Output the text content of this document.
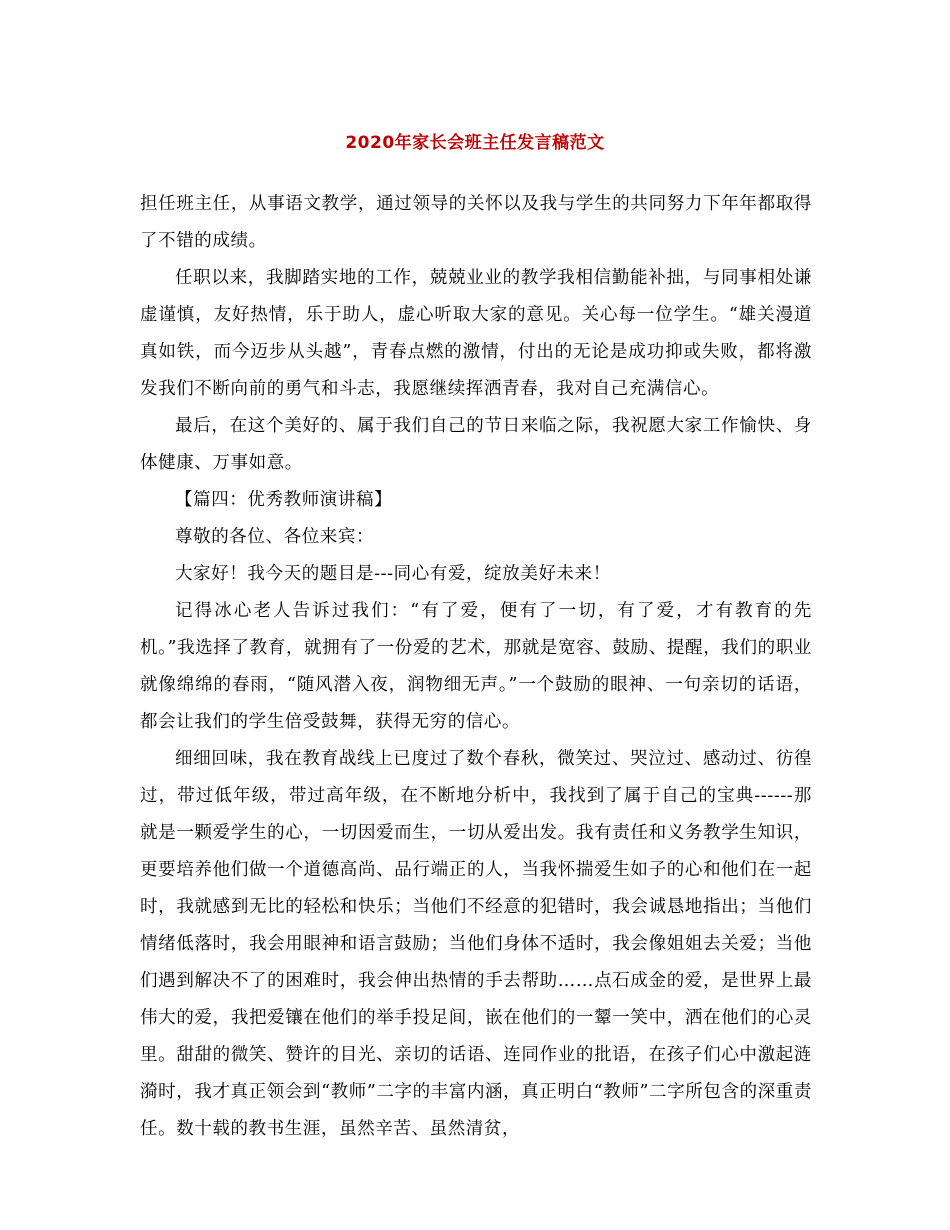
2020年家长会班主任发言稿范文

担任班主任，从事语文教学，通过领导的关怀以及我与学生的共同努力下年年都取得了不错的成绩。

任职以来，我脚踏实地的工作，兢兢业业的教学我相信勤能补拙，与同事相处谦虚谨慎，友好热情，乐于助人，虚心听取大家的意见。关心每一位学生。“雄关漫道真如铁，而今迈步从头越”，青春点燃的激情，付出的无论是成功抑或失败，都将激发我们不断向前的勇气和斗志，我愿继续挥洒青春，我对自己充满信心。

最后，在这个美好的、属于我们自己的节日来临之际，我祝愿大家工作愉快、身体健康、万事如意。

【篇四：优秀教师演讲稿】

尊敬的各位、各位来宾：

大家好！我今天的题目是---同心有爱，绽放美好未来！

记得冰心老人告诉过我们：“有了爱，便有了一切，有了爱，才有教育的先机。”我选择了教育，就拥有了一份爱的艺术，那就是宽容、鼓励、提醒，我们的职业就像绵绵的春雨，“随风潜入夜，润物细无声。”一个鼓励的眼神、一句亲切的话语，都会让我们的学生倍受鼓舞，获得无穷的信心。

细细回味，我在教育战线上已度过了数个春秋，微笑过、哭泣过、感动过、彷徨过，带过低年级，带过高年级，在不断地分析中，我找到了属于自己的宝典------那就是一颗爱学生的心，一切因爱而生，一切从爱出发。我有责任和义务教学生知识，更要培养他们做一个道德高尚、品行端正的人，当我怀揣爱生如子的心和他们在一起时，我就感到无比的轻松和快乐；当他们不经意的犯错时，我会诚恳地指出；当他们情绪低落时，我会用眼神和语言鼓励；当他们身体不适时，我会像姐姐去关爱；当他们遇到解决不了的困难时，我会伸出热情的手去帮助……点石成金的爱，是世界上最伟大的爱，我把爱镶在他们的举手投足间，嵌在他们的一颦一笑中，洒在他们的心灵里。甜甜的微笑、赞许的目光、亲切的话语、连同作业的批语，在孩子们心中激起涟漪时，我才真正领会到“教师”二字的丰富内涵，真正明白“教师”二字所包含的深重责任。数十载的教书生涯，虽然辛苦、虽然清贫，
